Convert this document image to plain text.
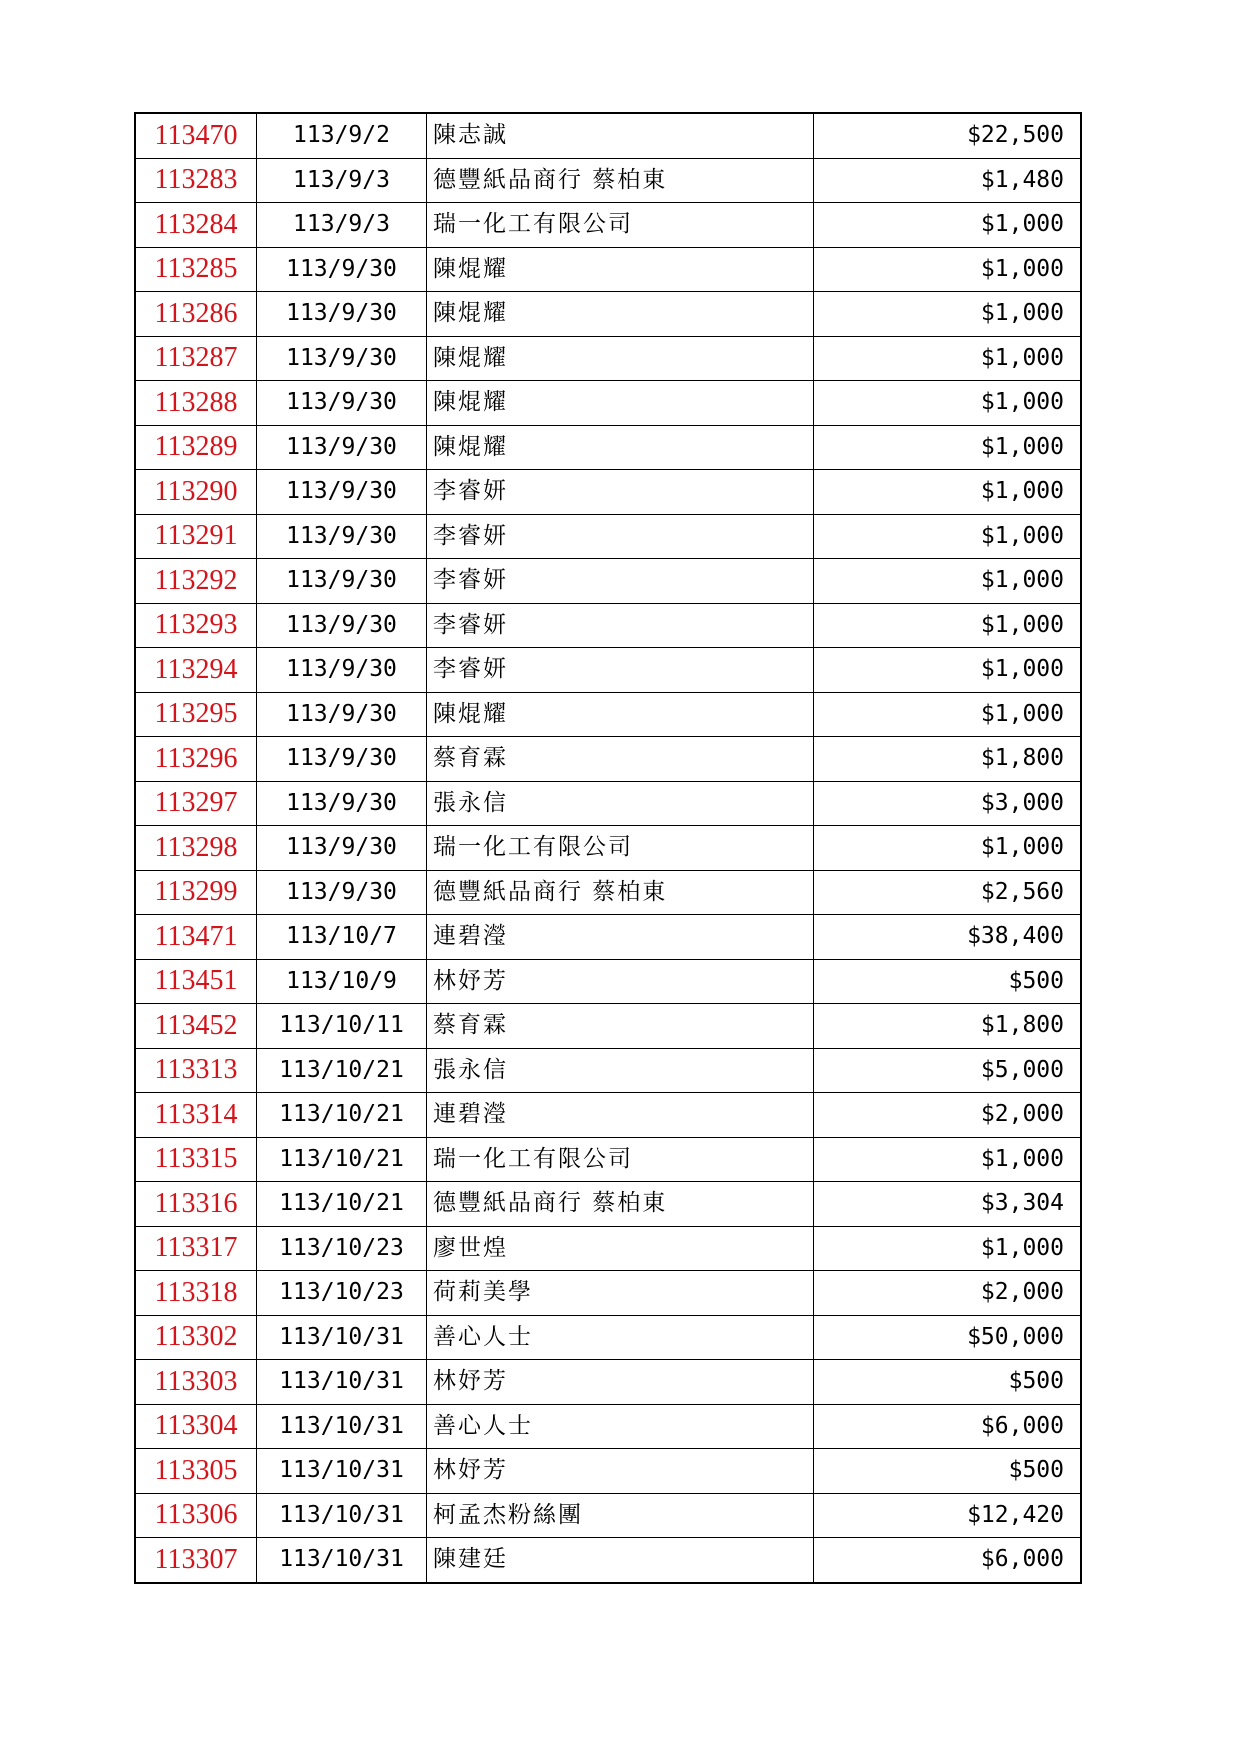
113470	113/9/2	陳志誠	$22,500
113283	113/9/3	德豐紙品商行 蔡柏東	$1,480
113284	113/9/3	瑞一化工有限公司	$1,000
113285	113/9/30	陳焜耀	$1,000
113286	113/9/30	陳焜耀	$1,000
113287	113/9/30	陳焜耀	$1,000
113288	113/9/30	陳焜耀	$1,000
113289	113/9/30	陳焜耀	$1,000
113290	113/9/30	李睿妍	$1,000
113291	113/9/30	李睿妍	$1,000
113292	113/9/30	李睿妍	$1,000
113293	113/9/30	李睿妍	$1,000
113294	113/9/30	李睿妍	$1,000
113295	113/9/30	陳焜耀	$1,000
113296	113/9/30	蔡育霖	$1,800
113297	113/9/30	張永信	$3,000
113298	113/9/30	瑞一化工有限公司	$1,000
113299	113/9/30	德豐紙品商行 蔡柏東	$2,560
113471	113/10/7	連碧瀅	$38,400
113451	113/10/9	林妤芳	$500
113452	113/10/11	蔡育霖	$1,800
113313	113/10/21	張永信	$5,000
113314	113/10/21	連碧瀅	$2,000
113315	113/10/21	瑞一化工有限公司	$1,000
113316	113/10/21	德豐紙品商行 蔡柏東	$3,304
113317	113/10/23	廖世煌	$1,000
113318	113/10/23	荷莉美學	$2,000
113302	113/10/31	善心人士	$50,000
113303	113/10/31	林妤芳	$500
113304	113/10/31	善心人士	$6,000
113305	113/10/31	林妤芳	$500
113306	113/10/31	柯孟杰粉絲團	$12,420
113307	113/10/31	陳建廷	$6,000
